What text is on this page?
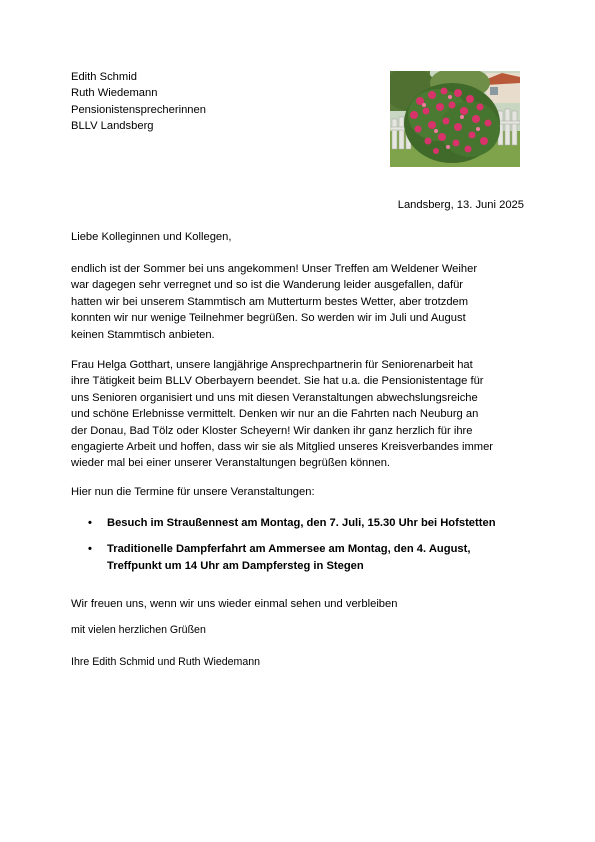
Edith Schmid
Ruth Wiedemann
Pensionistensprecherinnen
BLLV Landsberg
Landsberg, 13. Juni 2025
Liebe Kolleginnen und Kollegen,
endlich ist der Sommer bei uns angekommen! Unser Treffen am Weldener Weiher
war dagegen sehr verregnet und so ist die Wanderung leider ausgefallen, dafür
hatten wir bei unserem Stammtisch am Mutterturm bestes Wetter, aber trotzdem
konnten wir nur wenige Teilnehmer begrüßen. So werden wir im Juli und August
keinen Stammtisch anbieten.
Frau Helga Gotthart, unsere langjährige Ansprechpartnerin für Seniorenarbeit hat
ihre Tätigkeit beim BLLV Oberbayern beendet. Sie hat u.a. die Pensionistentage für
uns Senioren organisiert und uns mit diesen Veranstaltungen abwechslungsreiche
und schöne Erlebnisse vermittelt. Denken wir nur an die Fahrten nach Neuburg an
der Donau, Bad Tölz oder Kloster Scheyern! Wir danken ihr ganz herzlich für ihre
engagierte Arbeit und hoffen, dass wir sie als Mitglied unseres Kreisverbandes immer
wieder mal bei einer unserer Veranstaltungen begrüßen können.
Hier nun die Termine für unsere Veranstaltungen:
• Besuch im Straußennest am Montag, den 7. Juli, 15.30 Uhr bei Hofstetten
• Traditionelle Dampferfahrt am Ammersee am Montag, den 4. August,
Treffpunkt um 14 Uhr am Dampfersteg in Stegen
Wir freuen uns, wenn wir uns wieder einmal sehen und verbleiben
mit vielen herzlichen Grüßen
Ihre Edith Schmid und Ruth Wiedemann
